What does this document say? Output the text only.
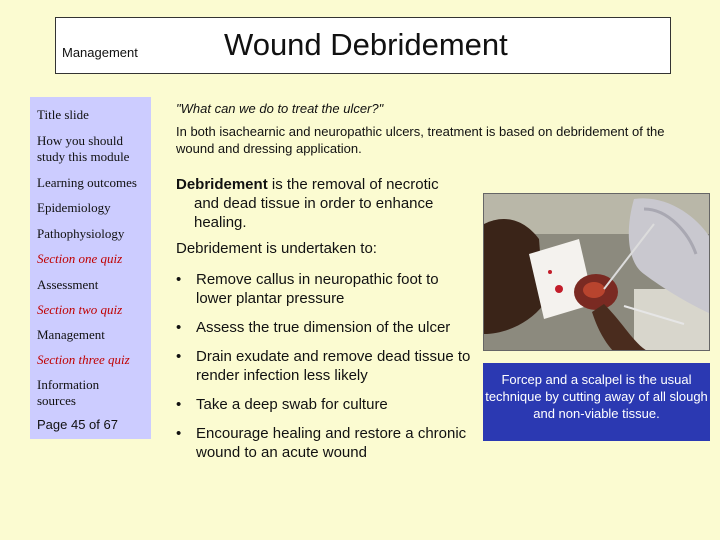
Management	Wound Debridement
Title slide
How you should study this module
Learning outcomes
Epidemiology
Pathophysiology
Section one quiz
Assessment
Section two quiz
Management
Section three quiz
Information sources
Page 45 of 67
"What can we do to treat the ulcer?"
In both isachearnic and neuropathic ulcers, treatment is based on debridement of the wound and dressing application.
Debridement is the removal of necrotic
and dead tissue in order to enhance healing.
Debridement is undertaken to:
• Remove callus in neuropathic foot to lower plantar pressure
• Assess the true dimension of the ulcer
• Drain exudate and remove dead tissue to render infection less likely
• Take a deep swab for culture
• Encourage healing and restore a chronic wound to an acute wound
Forcep and a scalpel is the usual technique by cutting away of all slough and non-viable tissue.
